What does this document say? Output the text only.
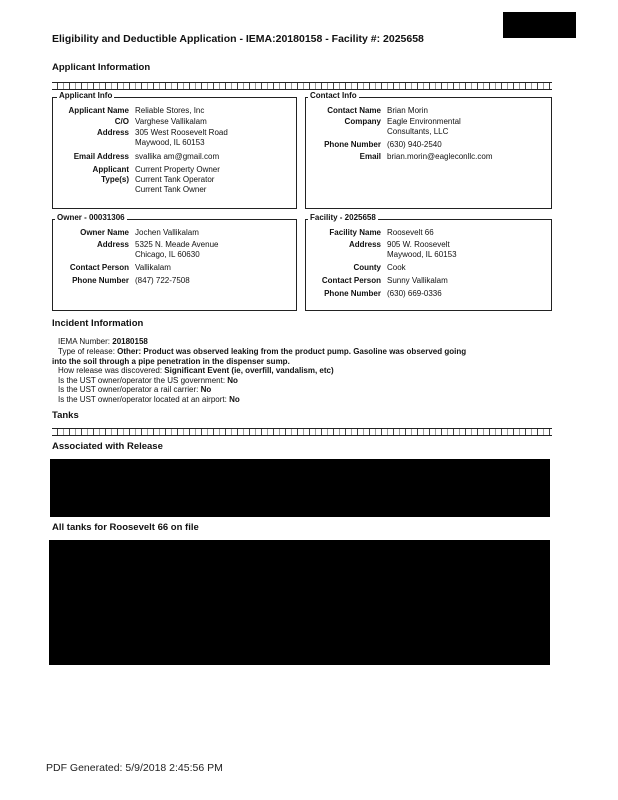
Eligibility and Deductible Application - IEMA:20180158 - Facility #: 2025658
Applicant Information
Applicant Info
Applicant Name Reliable Stores, Inc
C/O Varghese Vallikalam
Address 305 West Roosevelt Road
Maywood, IL 60153
Email Address svallika am@gmail.com
Applicant
Type(s)
Current Property Owner
Current Tank Operator
Current Tank Owner
Contact Info
Contact Name Brian Morin
Company Eagle Environmental
Consultants, LLC
Phone Number (630) 940-2540
Email brian.morin@eagleconllc.com
Owner - 00031306
Owner Name Jochen Vallikalam
Address 5325 N. Meade Avenue
Chicago, IL 60630
Contact Person Vallikalam
Phone Number (847) 722-7508
Facility - 2025658
Facility Name Roosevelt 66
Address 905 W. Roosevelt
Maywood, IL 60153
County Cook
Contact Person Sunny Vallikalam
Phone Number (630) 669-0336
Incident Information
IEMA Number: 20180158
Type of release: Other: Product was observed leaking from the product pump. Gasoline was observed going
into the soil through a pipe penetration in the dispenser sump.
How release was discovered: Significant Event (ie, overfill, vandalism, etc)
Is the UST owner/operator the US government: No
Is the UST owner/operator a rail carrier: No
Is the UST owner/operator located at an airport: No
Tanks
Associated with Release
All tanks for Roosevelt 66 on file
PDF Generated: 5/9/2018 2:45:56 PM
